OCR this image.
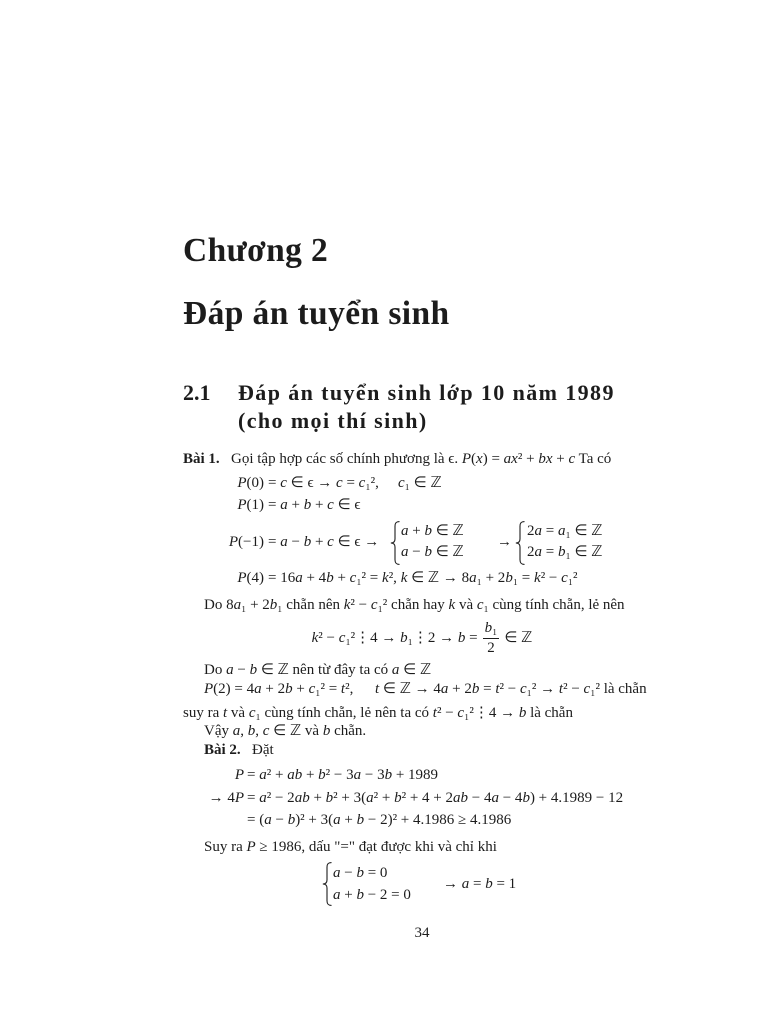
Chương 2
Đáp án tuyển sinh
2.1 Đáp án tuyển sinh lớp 10 năm 1989
(cho mọi thí sinh)
Bài 1. Gọi tập hợp các số chính phương là ϵ. P(x) = ax² + bx + c Ta có
P(0) = c ∈ ϵ → c = c₁², c₁ ∈ ℤ
P(1) = a + b + c ∈ ϵ
P(−1) = a − b + c ∈ ϵ →
a + b ∈ ℤ
a − b ∈ ℤ
→
2a = a₁ ∈ ℤ
2a = b₁ ∈ ℤ
P(4) = 16a + 4b + c₁² = k², k ∈ ℤ → 8a₁ + 2b₁ = k² − c₁²
Do 8a₁ + 2b₁ chẵn nên k² − c₁² chẵn hay k và c₁ cùng tính chẵn, lẻ nên
k² − c₁²⋮4 → b₁⋮2 → $b = \frac{\text{b₁}}{2}$ ∈ ℤ
Do a − b ∈ ℤ nên từ đây ta có a ∈ ℤ
P(2) = 4a + 2b + c₁² = t², t ∈ ℤ → 4a + 2b = t² − c₁² → t² − c₁² là chẵn
suy ra t và c₁ cùng tính chẵn, lẻ nên ta có t² − c₁²⋮4 → b là chẵn
Vậy a, b, c ∈ ℤ và b chẵn.
Bài 2. Đặt
P = a² + ab + b² − 3a − 3b + 1989
→ 4P = a² − 2ab + b² + 3(a² + b² + 4 + 2ab − 4a − 4b) + 4.1989 − 12
= (a − b)² + 3(a + b − 2)² + 4.1986 ≥ 4.1986
Suy ra P ≥ 1986, dấu "=" đạt được khi và chỉ khi
a − b = 0
a + b − 2 = 0
→ a = b = 1
34
